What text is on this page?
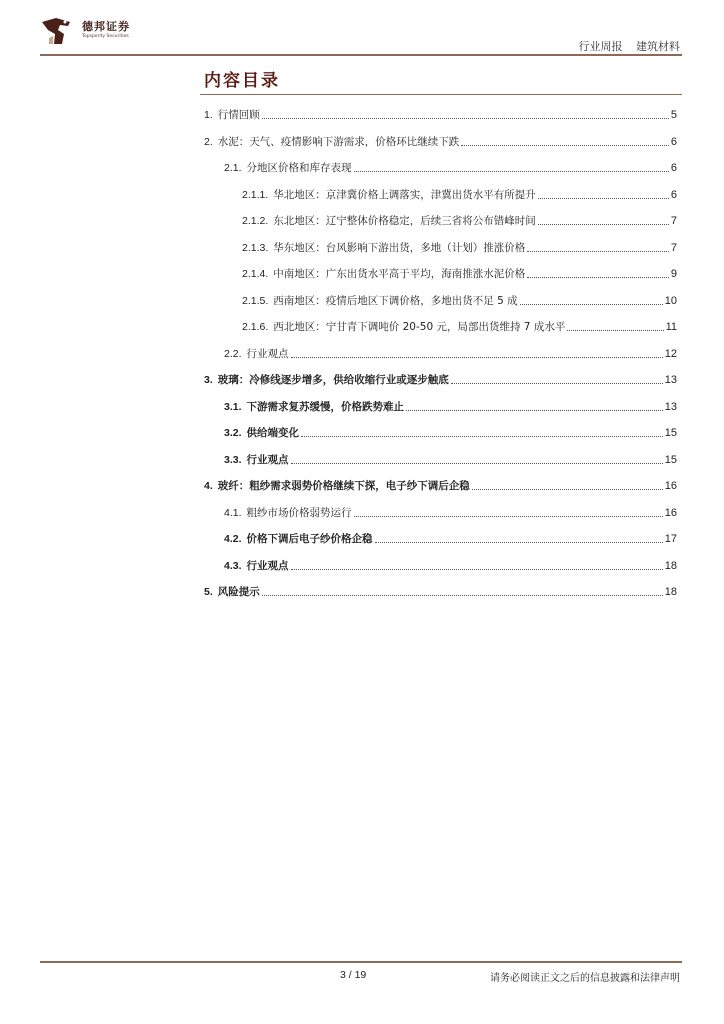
德邦证券
Topsperity Securities
行业周报 建筑材料
内容目录
1. 行情回顾	5
2. 水泥：天气、疫情影响下游需求，价格环比继续下跌	6
2.1. 分地区价格和库存表现	6
2.1.1. 华北地区：京津冀价格上调落实，津冀出货水平有所提升	6
2.1.2. 东北地区：辽宁整体价格稳定，后续三省将公布错峰时间	7
2.1.3. 华东地区：台风影响下游出货，多地（计划）推涨价格	7
2.1.4. 中南地区：广东出货水平高于平均，海南推涨水泥价格	9
2.1.5. 西南地区：疫情后地区下调价格，多地出货不足 5 成	10
2.1.6. 西北地区：宁甘青下调吨价 20-50 元，局部出货维持 7 成水平	11
2.2. 行业观点	12
3. 玻璃：冷修线逐步增多，供给收缩行业或逐步触底	13
3.1. 下游需求复苏缓慢，价格跌势难止	13
3.2. 供给端变化	15
3.3. 行业观点	15
4. 玻纤：粗纱需求弱势价格继续下探，电子纱下调后企稳	16
4.1. 粗纱市场价格弱势运行	16
4.2. 价格下调后电子纱价格企稳	17
4.3. 行业观点	18
5. 风险提示	18
3 / 19	请务必阅读正文之后的信息披露和法律声明
